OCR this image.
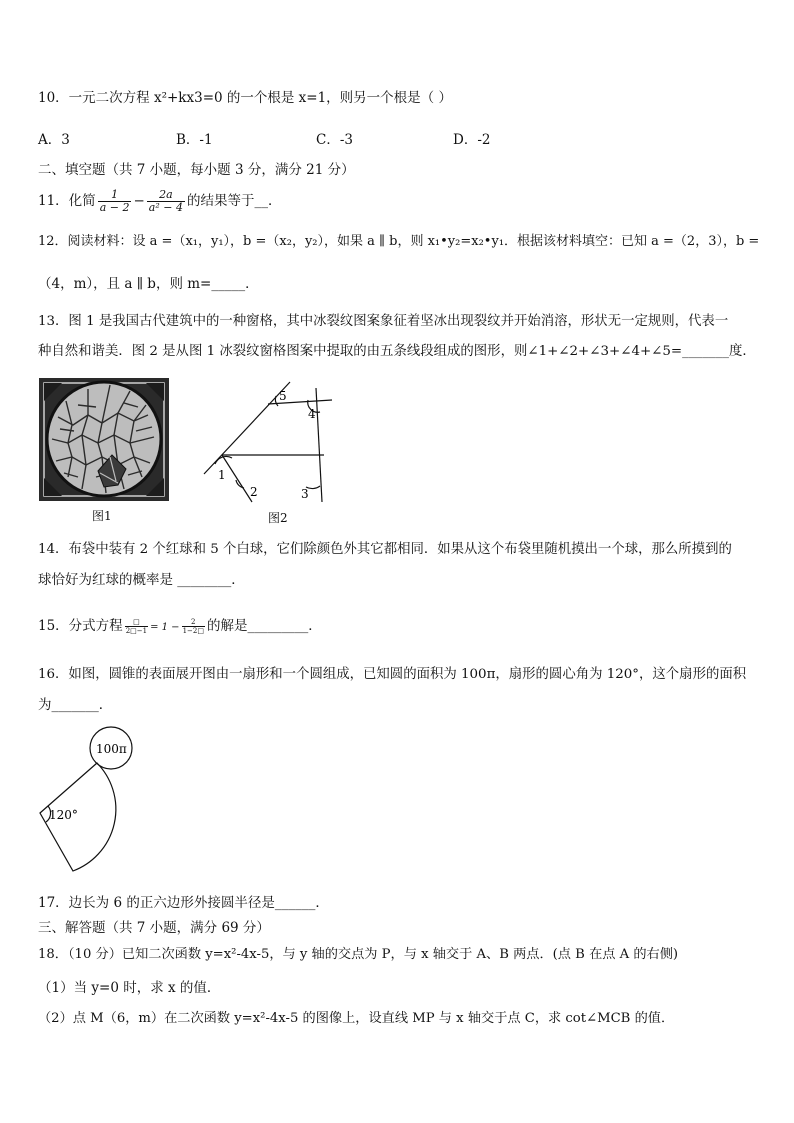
10．一元二次方程 x²+kx3=0 的一个根是 x=1，则另一个根是（ ）
A．3	B．-1	C．-3	D．-2
二、填空题（共 7 小题，每小题 3 分，满分 21 分）
11．化简 $\frac{1}{a - 2} - \frac{2a}{\text{a² − 4}}$ 的结果等于__．
12．阅读材料：设 a =（x₁，y₁），b =（x₂，y₂），如果 a ∥ b，则 x₁•y₂=x₂•y₁．根据该材料填空：已知 a =（2，3），b =
（4，m），且 a ∥ b，则 m=_____．
13．图 1 是我国古代建筑中的一种窗格，其中冰裂纹图案象征着坚冰出现裂纹并开始消溶，形状无一定规则，代表一
种自然和谐美．图 2 是从图 1 冰裂纹窗格图案中提取的由五条线段组成的图形，则∠1+∠2+∠3+∠4+∠5=_______度．
图1
1
2	3
4
5
图2
14．布袋中装有 2 个红球和 5 个白球，它们除颜色外其它都相同．如果从这个布袋里随机摸出一个球，那么所摸到的
球恰好为红球的概率是 ________．
15．分式方程	□
2□−1 = $1 - \frac{2}{1-2□}$ 的解是_________．
16．如图，圆锥的表面展开图由一扇形和一个圆组成，已知圆的面积为 100π，扇形的圆心角为 120°，这个扇形的面积
为_______．
100π
120°
17．边长为 6 的正六边形外接圆半径是______．
三、解答题（共 7 小题，满分 69 分）
18．（10 分）已知二次函数 y=x²-4x-5，与 y 轴的交点为 P，与 x 轴交于 A、B 两点．(点 B 在点 A 的右侧)
（1）当 y=0 时，求 x 的值．
（2）点 M（6，m）在二次函数 y=x²-4x-5 的图像上，设直线 MP 与 x 轴交于点 C，求 cot∠MCB 的值．
